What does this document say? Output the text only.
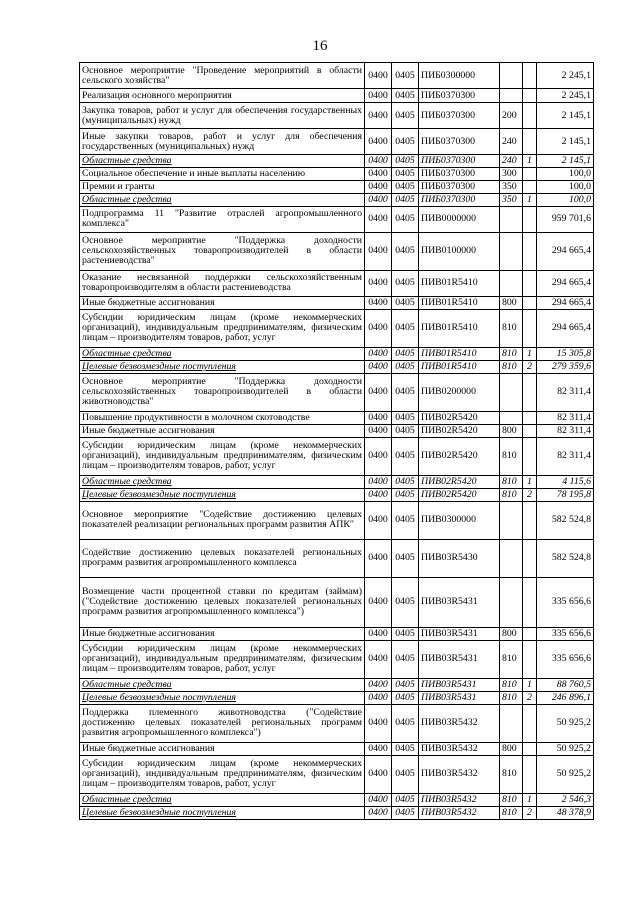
16
Основное мероприятие "Проведение мероприятий в области сельского хозяйства"	0400	0405	ПИБ0300000			2 245,1
Реализация основного мероприятия	0400	0405	ПИБ0370300			2 245,1
Закупка товаров, работ и услуг для обеспечения государственных (муниципальных) нужд	0400	0405	ПИБ0370300	200		2 145,1
Иные закупки товаров, работ и услуг для обеспечения государственных (муниципальных) нужд	0400	0405	ПИБ0370300	240		2 145,1
Областные средства	0400	0405	ПИБ0370300	240	1	2 145,1
Социальное обеспечение и иные выплаты населению	0400	0405	ПИБ0370300	300		100,0
Премии и гранты	0400	0405	ПИБ0370300	350		100,0
Областные средства	0400	0405	ПИБ0370300	350	1	100,0
Подпрограмма 11 "Развитие отраслей агропромышленного комплекса"	0400	0405	ПИВ0000000			959 701,6
Основное мероприятие "Поддержка доходности сельскохозяйственных товаропроизводителей в области растениеводства"	0400	0405	ПИВ0100000			294 665,4
Оказание несвязанной поддержки сельскохозяйственным товаропроизводителям в области растениеводства	0400	0405	ПИВ01R5410			294 665,4
Иные бюджетные ассигнования	0400	0405	ПИВ01R5410	800		294 665,4
Субсидии юридическим лицам (кроме некоммерческих организаций), индивидуальным предпринимателям, физическим лицам – производителям товаров, работ, услуг	0400	0405	ПИВ01R5410	810		294 665,4
Областные средства	0400	0405	ПИВ01R5410	810	1	15 305,8
Целевые безвозмездные поступления	0400	0405	ПИВ01R5410	810	2	279 359,6
Основное мероприятие "Поддержка доходности сельскохозяйственных товаропроизводителей в области животноводства"	0400	0405	ПИВ0200000			82 311,4
Повышение продуктивности в молочном скотоводстве	0400	0405	ПИВ02R5420			82 311,4
Иные бюджетные ассигнования	0400	0405	ПИВ02R5420	800		82 311,4
Субсидии юридическим лицам (кроме некоммерческих организаций), индивидуальным предпринимателям, физическим лицам – производителям товаров, работ, услуг	0400	0405	ПИВ02R5420	810		82 311,4
Областные средства	0400	0405	ПИВ02R5420	810	1	4 115,6
Целевые безвозмездные поступления	0400	0405	ПИВ02R5420	810	2	78 195,8
Основное мероприятие "Содействие достижению целевых показателей реализации региональных программ развития АПК"	0400	0405	ПИВ0300000			582 524,8
Содействие достижению целевых показателей региональных программ развития агропромышленного комплекса	0400	0405	ПИВ03R5430			582 524,8
Возмещение части процентной ставки по кредитам (займам) ("Содействие достижению целевых показателей региональных программ развития агропромышленного комплекса")	0400	0405	ПИВ03R5431			335 656,6
Иные бюджетные ассигнования	0400	0405	ПИВ03R5431	800		335 656,6
Субсидии юридическим лицам (кроме некоммерческих организаций), индивидуальным предпринимателям, физическим лицам – производителям товаров, работ, услуг	0400	0405	ПИВ03R5431	810		335 656,6
Областные средства	0400	0405	ПИВ03R5431	810	1	88 760,5
Целевые безвозмездные поступления	0400	0405	ПИВ03R5431	810	2	246 896,1
Поддержка племенного животноводства ("Содействие достижению целевых показателей региональных программ развития агропромышленного комплекса")	0400	0405	ПИВ03R5432			50 925,2
Иные бюджетные ассигнования	0400	0405	ПИВ03R5432	800		50 925,2
Субсидии юридическим лицам (кроме некоммерческих организаций), индивидуальным предпринимателям, физическим лицам – производителям товаров, работ, услуг	0400	0405	ПИВ03R5432	810		50 925,2
Областные средства	0400	0405	ПИВ03R5432	810	1	2 546,3
Целевые безвозмездные поступления	0400	0405	ПИВ03R5432	810	2	48 378,9
